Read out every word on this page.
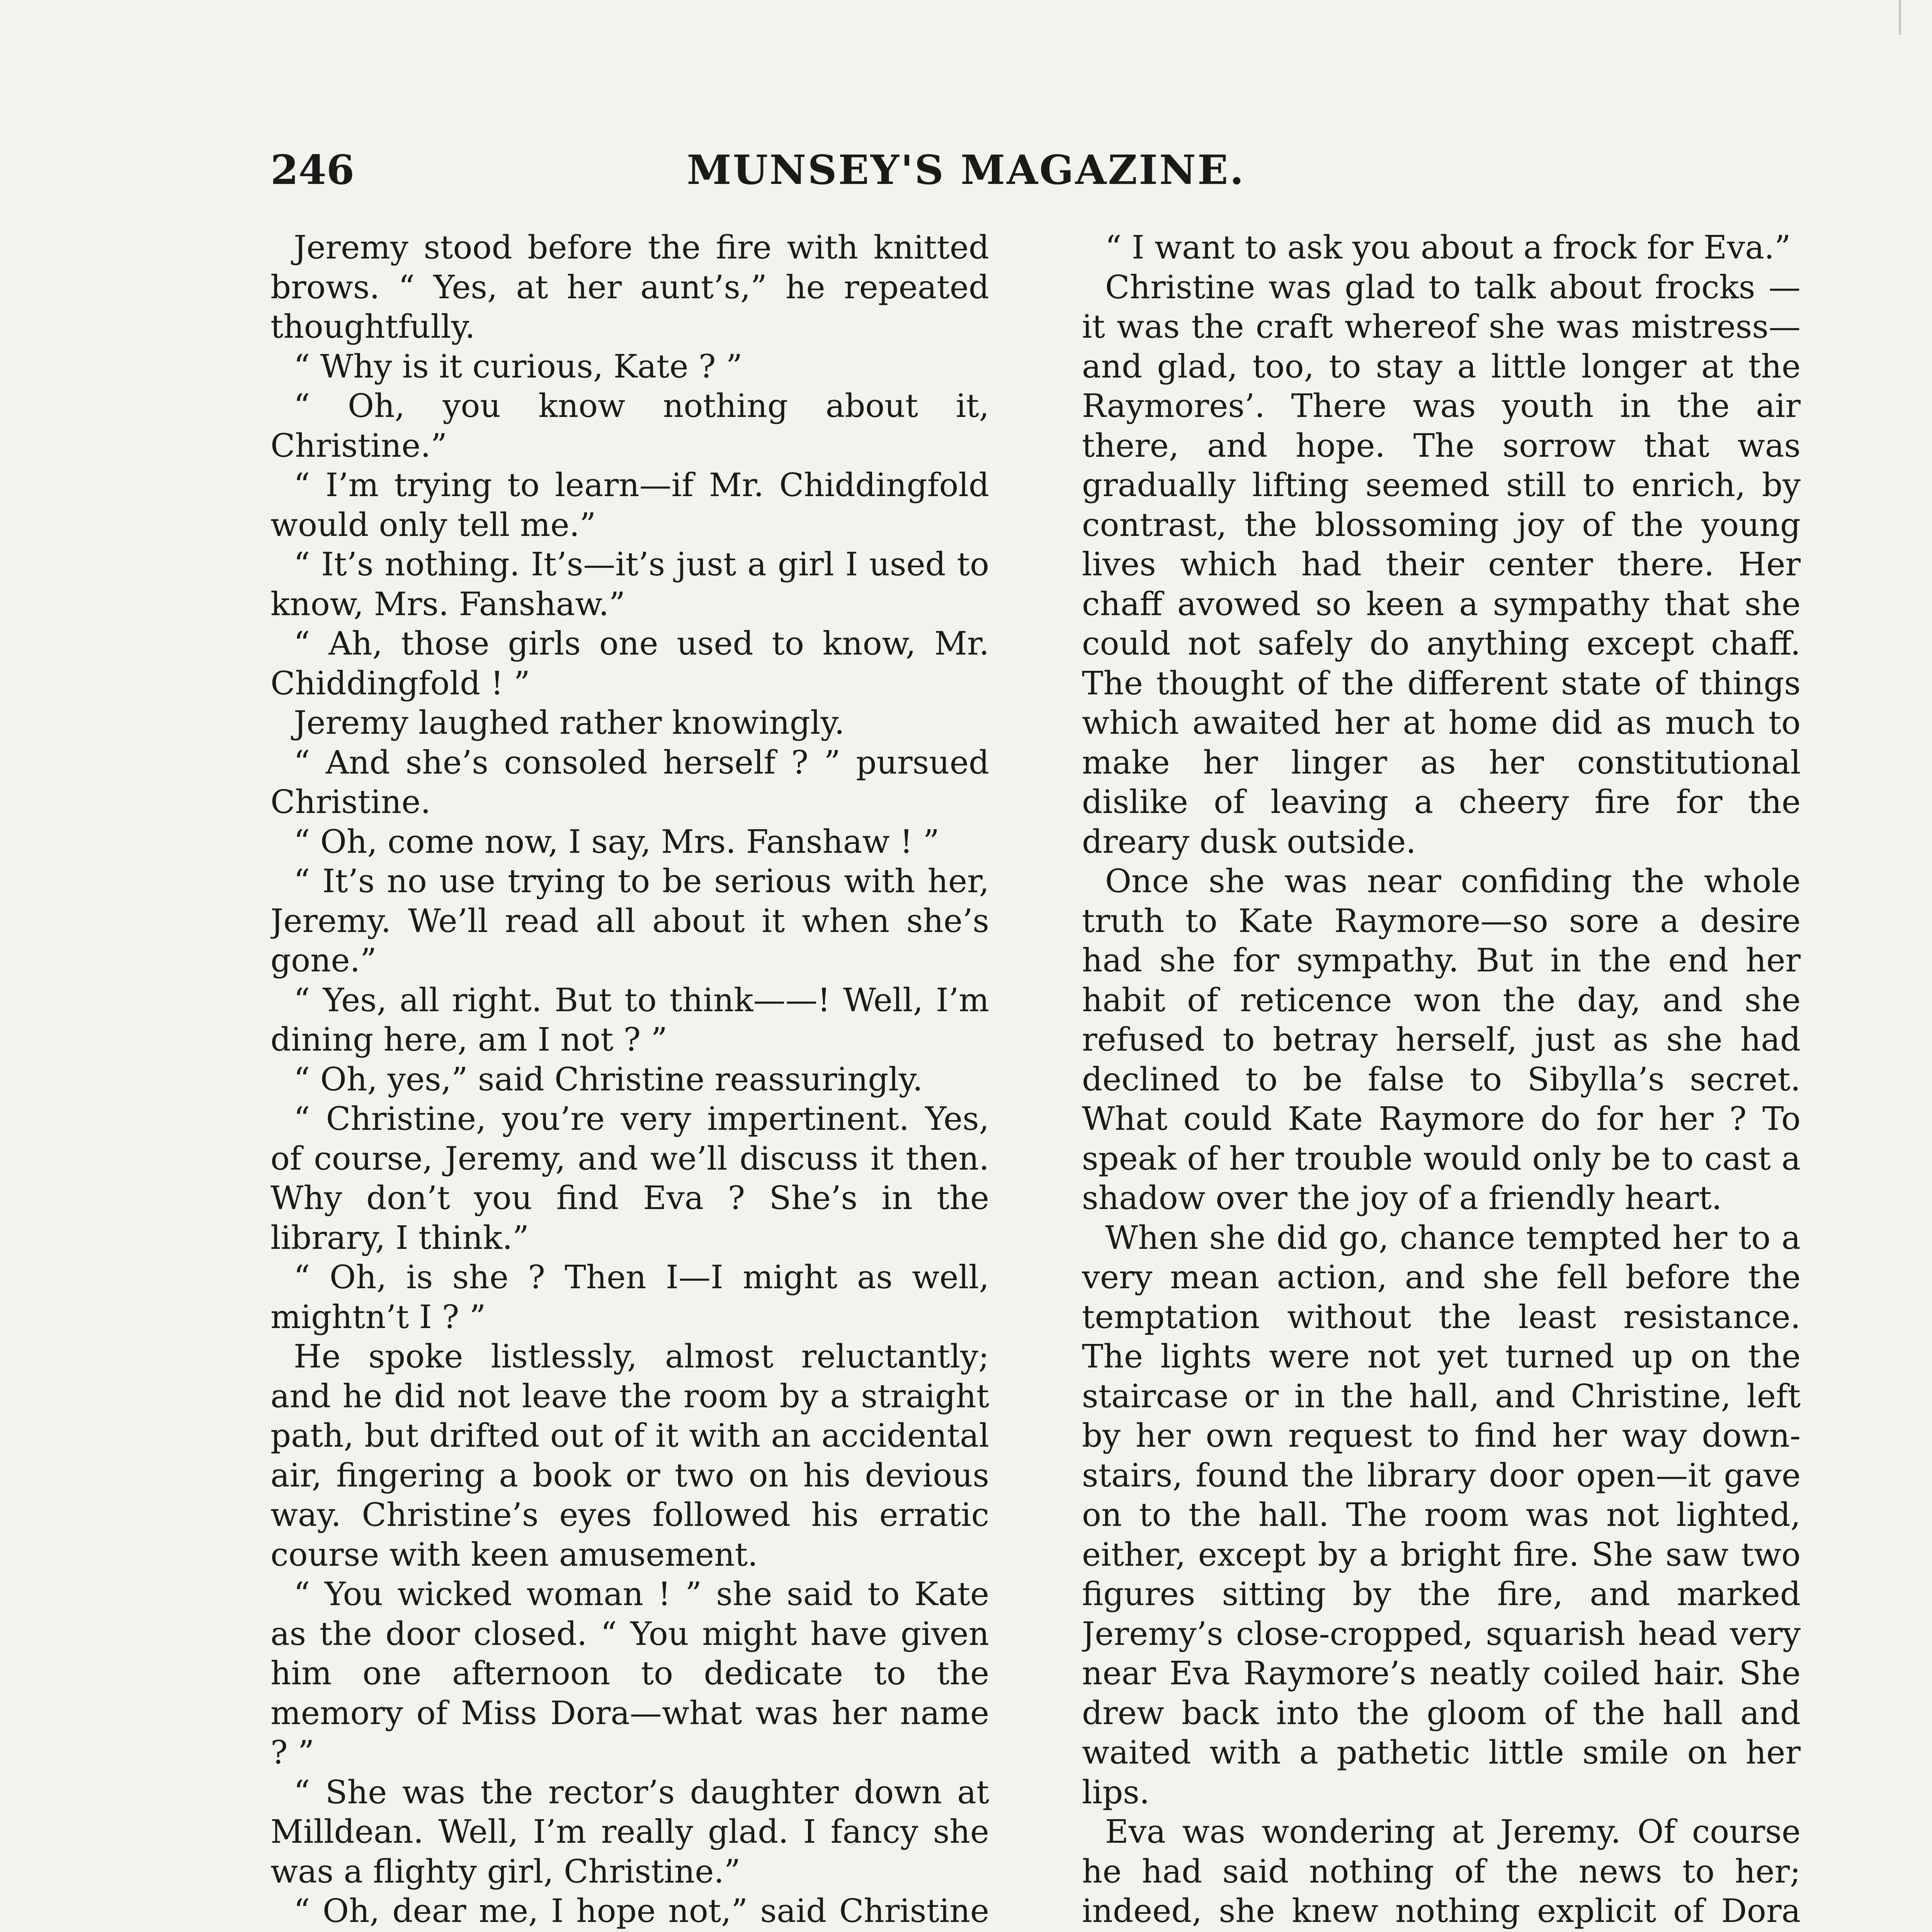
246	MUNSEY'S MAGAZINE.

Jeremy stood before the fire with knitted brows. “ Yes, at her aunt’s,” he repeated thoughtfully.

“ Why is it curious, Kate ? ”

“ Oh, you know nothing about it, Christine.”

“ I’m trying to learn—if Mr. Chiddingfold would only tell me.”

“ It’s nothing. It’s—it’s just a girl I used to know, Mrs. Fanshaw.”

“ Ah, those girls one used to know, Mr. Chiddingfold ! ”

Jeremy laughed rather knowingly.

“ And she’s consoled herself ? ” pursued Christine.

“ Oh, come now, I say, Mrs. Fanshaw ! ”

“ It’s no use trying to be serious with her, Jeremy. We’ll read all about it when she’s gone.”

“ Yes, all right. But to think——! Well, I’m dining here, am I not ? ”

“ Oh, yes,” said Christine reassuringly.

“ Christine, you’re very impertinent. Yes, of course, Jeremy, and we’ll discuss it then. Why don’t you find Eva ? She’s in the library, I think.”

“ Oh, is she ? Then I—I might as well, mightn’t I ? ”

He spoke listlessly, almost reluctantly; and he did not leave the room by a straight path, but drifted out of it with an accidental air, fingering a book or two on his devious way. Christine’s eyes followed his erratic course with keen amusement.

“ You wicked woman ! ” she said to Kate as the door closed. “ You might have given him one afternoon to dedicate to the memory of Miss Dora—what was her name ? ”

“ She was the rector’s daughter down at Milldean. Well, I’m really glad. I fancy she was a flighty girl, Christine.”

“ Oh, dear me, I hope not,” said Christine

“ I want to ask you about a frock for Eva.”

Christine was glad to talk about frocks —it was the craft whereof she was mistress—and glad, too, to stay a little longer at the Raymores’. There was youth in the air there, and hope. The sorrow that was gradually lifting seemed still to enrich, by contrast, the blossoming joy of the young lives which had their center there. Her chaff avowed so keen a sympathy that she could not safely do anything except chaff. The thought of the different state of things which awaited her at home did as much to make her linger as her constitutional dislike of leaving a cheery fire for the dreary dusk outside.

Once she was near confiding the whole truth to Kate Raymore—so sore a desire had she for sympathy. But in the end her habit of reticence won the day, and she refused to betray herself, just as she had declined to be false to Sibylla’s secret. What could Kate Raymore do for her ? To speak of her trouble would only be to cast a shadow over the joy of a friendly heart.

When she did go, chance tempted her to a very mean action, and she fell before the temptation without the least resistance. The lights were not yet turned up on the staircase or in the hall, and Christine, left by her own request to find her way down-stairs, found the library door open—it gave on to the hall. The room was not lighted, either, except by a bright fire. She saw two figures sitting by the fire, and marked Jeremy’s close-cropped, squarish head very near Eva Raymore’s neatly coiled hair. She drew back into the gloom of the hall and waited with a pathetic little smile on her lips.

Eva was wondering at Jeremy. Of course he had said nothing of the news to her; indeed, she knew nothing explicit of Dora
